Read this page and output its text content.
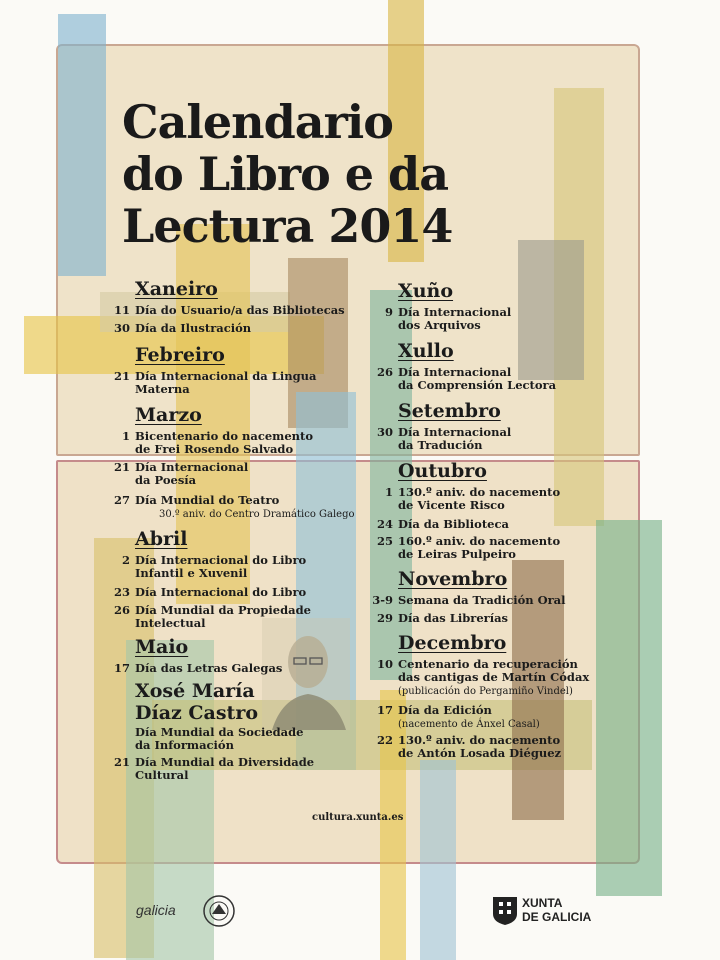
Calendario
do Libro e da
Lectura 2014
Xaneiro
11 Día do Usuario/a das Bibliotecas
30 Día da Ilustración
Febreiro
21 Día Internacional da Lingua
Materna
Marzo
1 Bicentenario do nacemento
de Frei Rosendo Salvado
21 Día Internacional
da Poesía
27 Día Mundial do Teatro
30.º aniv. do Centro Dramático Galego
Abril
2 Día Internacional do Libro
Infantil e Xuvenil
23 Día Internacional do Libro
26 Día Mundial da Propiedade
Intelectual
Maio
17 Día das Letras Galegas
Xosé María
Díaz Castro
Día Mundial da Sociedade
da Información
21 Día Mundial da Diversidade
Cultural
Xuño
9 Día Internacional
dos Arquivos
Xullo
26 Día Internacional
da Comprensión Lectora
Setembro
30 Día Internacional
da Tradución
Outubro
1 130.º aniv. do nacemento
de Vicente Risco
24 Día da Biblioteca
25 160.º aniv. do nacemento
de Leiras Pulpeiro
Novembro
3-9 Semana da Tradición Oral
29 Día das Librerías
Decembro
10 Centenario da recuperación
das cantigas de Martín Códax
(publicación do Pergamiño Vindel)
17 Día da Edición
(nacemento de Ánxel Casal)
22 130.º aniv. do nacemento
de Antón Losada Diéguez
cultura.xunta.es
galicia	XUNTA
DE GALICIA
